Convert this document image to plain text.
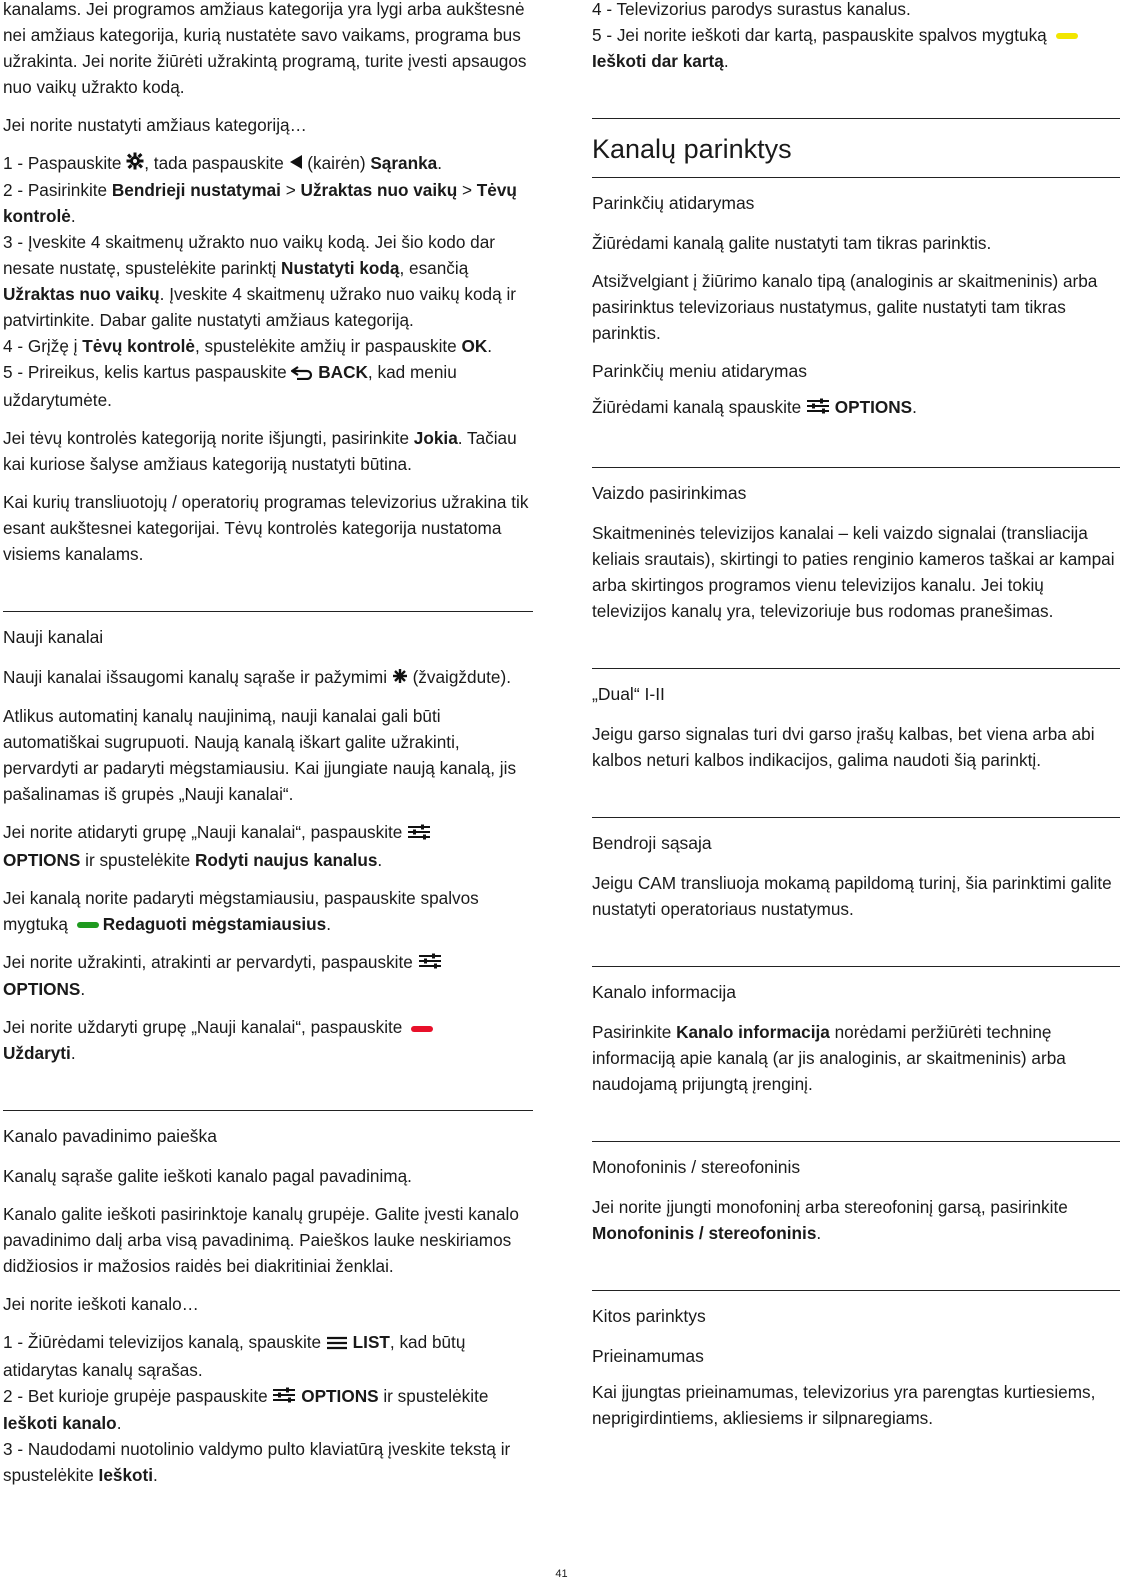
kanalams. Jei programos amžiaus kategorija yra lygi arba aukštesnė nei amžiaus kategorija, kurią nustatėte savo vaikams, programa bus užrakinta. Jei norite žiūrėti užrakintą programą, turite įvesti apsaugos nuo vaikų užrakto kodą.

Jei norite nustatyti amžiaus kategoriją…

1 - Paspauskite , tada paspauskite  (kairėn) Sąranka.
2 - Pasirinkite Bendrieji nustatymai > Užraktas nuo vaikų > Tėvų kontrolė.
3 - Įveskite 4 skaitmenų užrakto nuo vaikų kodą. Jei šio kodo dar nesate nustatę, spustelėkite parinktį Nustatyti kodą, esančią Užraktas nuo vaikų. Įveskite 4 skaitmenų užrako nuo vaikų kodą ir patvirtinkite. Dabar galite nustatyti amžiaus kategoriją.
4 - Grįžę į Tėvų kontrolė, spustelėkite amžių ir paspauskite OK.
5 - Prireikus, kelis kartus paspauskite  BACK, kad meniu uždarytumėte.

Jei tėvų kontrolės kategoriją norite išjungti, pasirinkite Jokia. Tačiau kai kuriose šalyse amžiaus kategoriją nustatyti būtina.

Kai kurių transliuotojų / operatorių programas televizorius užrakina tik esant aukštesnei kategorijai. Tėvų kontrolės kategorija nustatoma visiems kanalams.

Nauji kanalai

Nauji kanalai išsaugomi kanalų sąraše ir pažymimi  (žvaigždute).

Atlikus automatinį kanalų naujinimą, nauji kanalai gali būti automatiškai sugrupuoti. Naują kanalą iškart galite užrakinti, pervardyti ar padaryti mėgstamiausiu. Kai įjungiate naują kanalą, jis pašalinamas iš grupės „Nauji kanalai“.

Jei norite atidaryti grupę „Nauji kanalai“, paspauskite
OPTIONS ir spustelėkite Rodyti naujus kanalus.

Jei kanalą norite padaryti mėgstamiausiu, paspauskite spalvos mygtuką Redaguoti mėgstamiausius.

Jei norite užrakinti, atrakinti ar pervardyti, paspauskite
OPTIONS.

Jei norite uždaryti grupę „Nauji kanalai“, paspauskite
Uždaryti.

Kanalo pavadinimo paieška

Kanalų sąraše galite ieškoti kanalo pagal pavadinimą.

Kanalo galite ieškoti pasirinktoje kanalų grupėje. Galite įvesti kanalo pavadinimo dalį arba visą pavadinimą. Paieškos lauke neskiriamos didžiosios ir mažosios raidės bei diakritiniai ženklai.

Jei norite ieškoti kanalo…

1 - Žiūrėdami televizijos kanalą, spauskite  LIST, kad būtų atidarytas kanalų sąrašas.
2 - Bet kurioje grupėje paspauskite  OPTIONS ir spustelėkite Ieškoti kanalo.
3 - Naudodami nuotolinio valdymo pulto klaviatūrą įveskite tekstą ir spustelėkite Ieškoti.

4 - Televizorius parodys surastus kanalus.
5 - Jei norite ieškoti dar kartą, paspauskite spalvos mygtuką Ieškoti dar kartą.

Kanalų parinktys

Parinkčių atidarymas

Žiūrėdami kanalą galite nustatyti tam tikras parinktis.

Atsižvelgiant į žiūrimo kanalo tipą (analoginis ar skaitmeninis) arba pasirinktus televizoriaus nustatymus, galite nustatyti tam tikras parinktis.

Parinkčių meniu atidarymas

Žiūrėdami kanalą spauskite  OPTIONS.

Vaizdo pasirinkimas

Skaitmeninės televizijos kanalai – keli vaizdo signalai (transliacija keliais srautais), skirtingi to paties renginio kameros taškai ar kampai arba skirtingos programos vienu televizijos kanalu. Jei tokių televizijos kanalų yra, televizoriuje bus rodomas pranešimas.

„Dual“ I-II

Jeigu garso signalas turi dvi garso įrašų kalbas, bet viena arba abi kalbos neturi kalbos indikacijos, galima naudoti šią parinktį.

Bendroji sąsaja

Jeigu CAM transliuoja mokamą papildomą turinį, šia parinktimi galite nustatyti operatoriaus nustatymus.

Kanalo informacija

Pasirinkite Kanalo informacija norėdami peržiūrėti techninę informaciją apie kanalą (ar jis analoginis, ar skaitmeninis) arba naudojamą prijungtą įrenginį.

Monofoninis / stereofoninis

Jei norite įjungti monofoninį arba stereofoninį garsą, pasirinkite Monofoninis / stereofoninis.

Kitos parinktys

Prieinamumas

Kai įjungtas prieinamumas, televizorius yra parengtas kurtiesiems, neprigirdintiems, akliesiems ir silpnaregiams.

41
